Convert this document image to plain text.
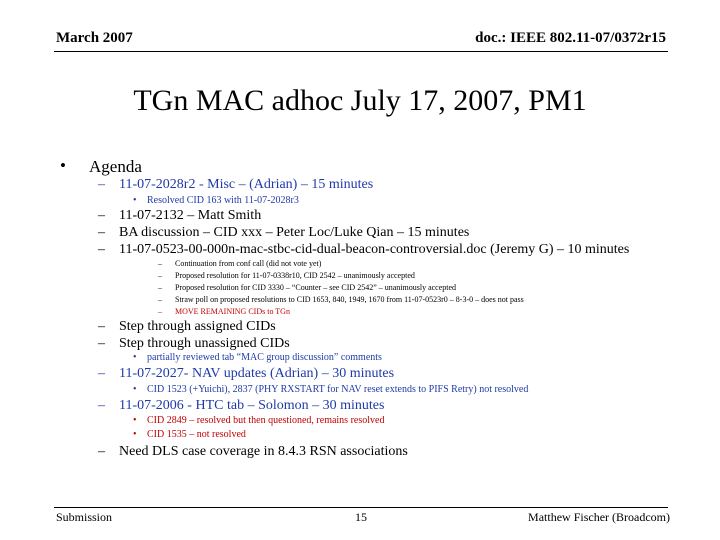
March 2007	doc.: IEEE 802.11-07/0372r15
TGn MAC adhoc July 17, 2007, PM1
• Agenda
– 11-07-2028r2 - Misc – (Adrian) – 15 minutes
• Resolved CID 163 with 11-07-2028r3
– 11-07-2132 – Matt Smith
– BA discussion – CID xxx – Peter Loc/Luke Qian – 15 minutes
– 11-07-0523-00-000n-mac-stbc-cid-dual-beacon-controversial.doc (Jeremy G) – 10 minutes
– Continuation from conf call (did not vote yet)
– Proposed resolution for 11-07-0338r10, CID 2542 – unanimously accepted
– Proposed resolution for CID 3330 – “Counter – see CID 2542” – unanimously accepted
– Straw poll on proposed resolutions to CID 1653, 840, 1949, 1670 from 11-07-0523r0 – 8-3-0 – does not pass
– MOVE REMAINING CIDs to TGn
– Step through assigned CIDs
– Step through unassigned CIDs
• partially reviewed tab “MAC group discussion” comments
– 11-07-2027- NAV updates (Adrian) – 30 minutes
• CID 1523 (+Yuichi), 2837 (PHY RXSTART for NAV reset extends to PIFS Retry) not resolved
– 11-07-2006 - HTC tab – Solomon – 30 minutes
• CID 2849 – resolved but then questioned, remains resolved
• CID 1535 – not resolved
– Need DLS case coverage in 8.4.3 RSN associations
Submission	15	Matthew Fischer (Broadcom)
